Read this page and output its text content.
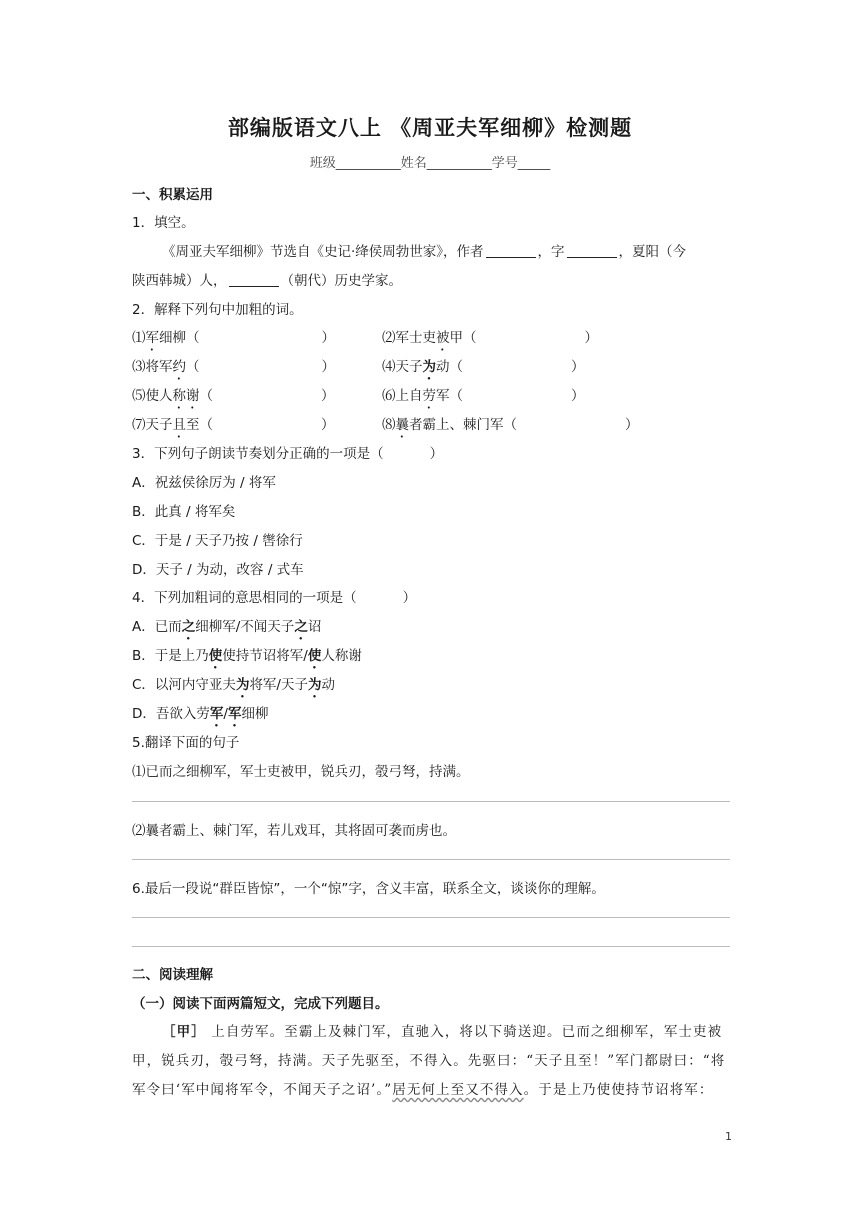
部编版语文八上 《周亚夫军细柳》检测题
班级__________姓名__________学号_____
一、积累运用
1．填空。
《周亚夫军细柳》节选自《史记·绛侯周勃世家》，作者	，字	，夏阳（今
陕西韩城）人，	（朝代）历史学家。
2．解释下列句中加粗的词。
⑴军细柳（	）	⑵军士吏被甲（	）
⑶将军约（	）	⑷天子为动（	）
⑸使人称谢（	）	⑹上自劳军（	）
⑺天子且至（	）	⑻曩者霸上、棘门军（	）
3．下列句子朗读节奏划分正确的一项是（	）
A．祝兹侯徐厉为 / 将军
B．此真 / 将军矣
C．于是 / 天子乃按 / 辔徐行
D．天子 / 为动，改容 / 式车
4．下列加粗词的意思相同的一项是（	）
A．已而之细柳军/不闻天子之诏
B．于是上乃使使持节诏将军/使人称谢
C．以河内守亚夫为将军/天子为动
D．吾欲入劳军/军细柳
5.翻译下面的句子
⑴已而之细柳军，军士吏被甲，锐兵刃，彀弓弩，持满。
⑵曩者霸上、棘门军，若儿戏耳，其将固可袭而虏也。
6.最后一段说“群臣皆惊”，一个“惊”字，含义丰富，联系全文，谈谈你的理解。
二、阅读理解
（一）阅读下面两篇短文，完成下列题目。
［甲］ 上自劳军。至霸上及棘门军，直驰入，将以下骑送迎。已而之细柳军，军士吏被
甲，锐兵刃，彀弓弩，持满。天子先驱至，不得入。先驱曰：“天子且至！”军门都尉曰：“将
军令曰‘军中闻将军令，不闻天子之诏’。”居无何上至又不得入。于是上乃使使持节诏将军：
1
